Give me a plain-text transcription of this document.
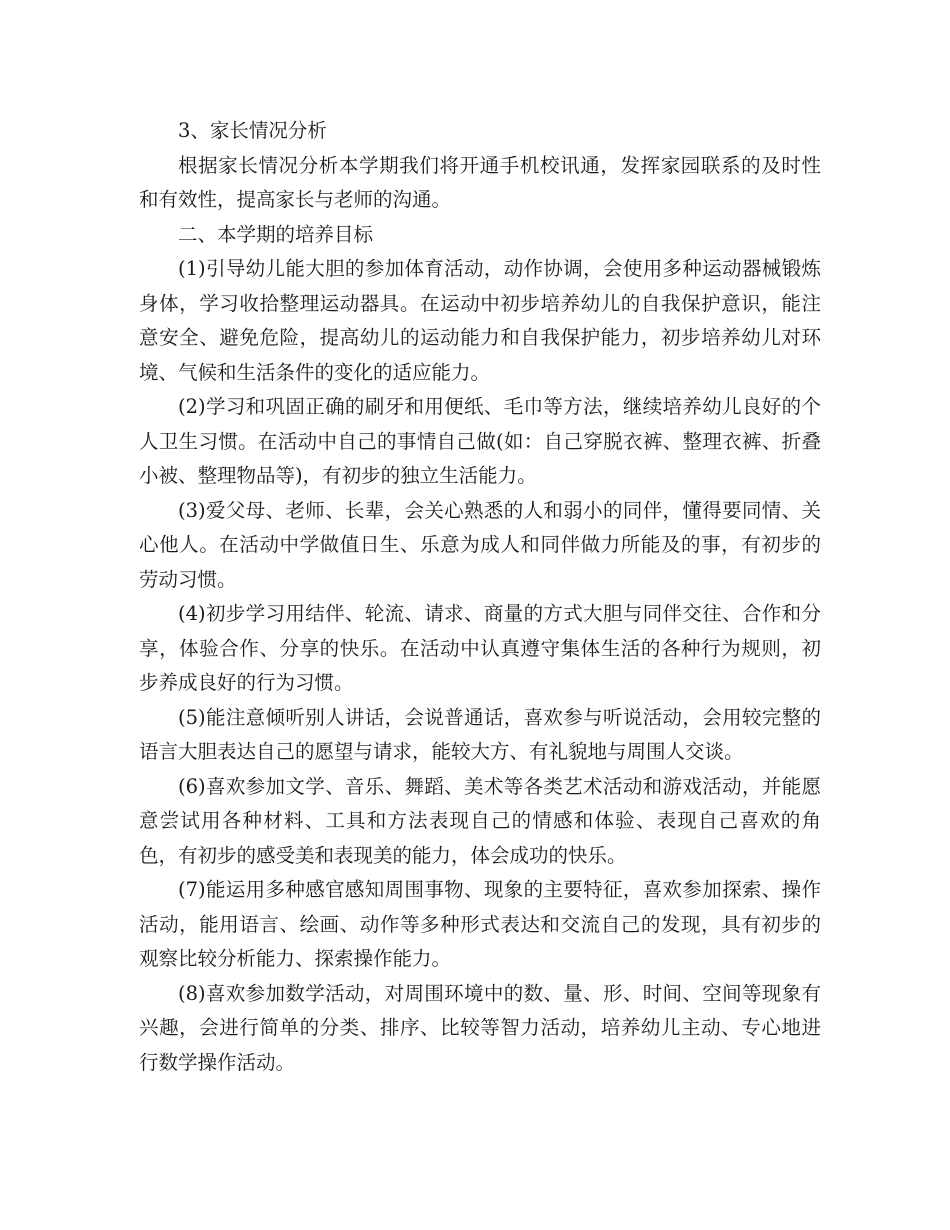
3、家长情况分析

根据家长情况分析本学期我们将开通手机校讯通，发挥家园联系的及时性和有效性，提高家长与老师的沟通。

二、本学期的培养目标

(1)引导幼儿能大胆的参加体育活动，动作协调，会使用多种运动器械锻炼身体，学习收拾整理运动器具。在运动中初步培养幼儿的自我保护意识，能注意安全、避免危险，提高幼儿的运动能力和自我保护能力，初步培养幼儿对环境、气候和生活条件的变化的适应能力。

(2)学习和巩固正确的刷牙和用便纸、毛巾等方法，继续培养幼儿良好的个人卫生习惯。在活动中自己的事情自己做(如：自己穿脱衣裤、整理衣裤、折叠小被、整理物品等)，有初步的独立生活能力。

(3)爱父母、老师、长辈，会关心熟悉的人和弱小的同伴，懂得要同情、关心他人。在活动中学做值日生、乐意为成人和同伴做力所能及的事，有初步的劳动习惯。

(4)初步学习用结伴、轮流、请求、商量的方式大胆与同伴交往、合作和分享，体验合作、分享的快乐。在活动中认真遵守集体生活的各种行为规则，初步养成良好的行为习惯。

(5)能注意倾听别人讲话，会说普通话，喜欢参与听说活动，会用较完整的语言大胆表达自己的愿望与请求，能较大方、有礼貌地与周围人交谈。

(6)喜欢参加文学、音乐、舞蹈、美术等各类艺术活动和游戏活动，并能愿意尝试用各种材料、工具和方法表现自己的情感和体验、表现自己喜欢的角色，有初步的感受美和表现美的能力，体会成功的快乐。

(7)能运用多种感官感知周围事物、现象的主要特征，喜欢参加探索、操作活动，能用语言、绘画、动作等多种形式表达和交流自己的发现，具有初步的观察比较分析能力、探索操作能力。

(8)喜欢参加数学活动，对周围环境中的数、量、形、时间、空间等现象有兴趣，会进行简单的分类、排序、比较等智力活动，培养幼儿主动、专心地进行数学操作活动。
